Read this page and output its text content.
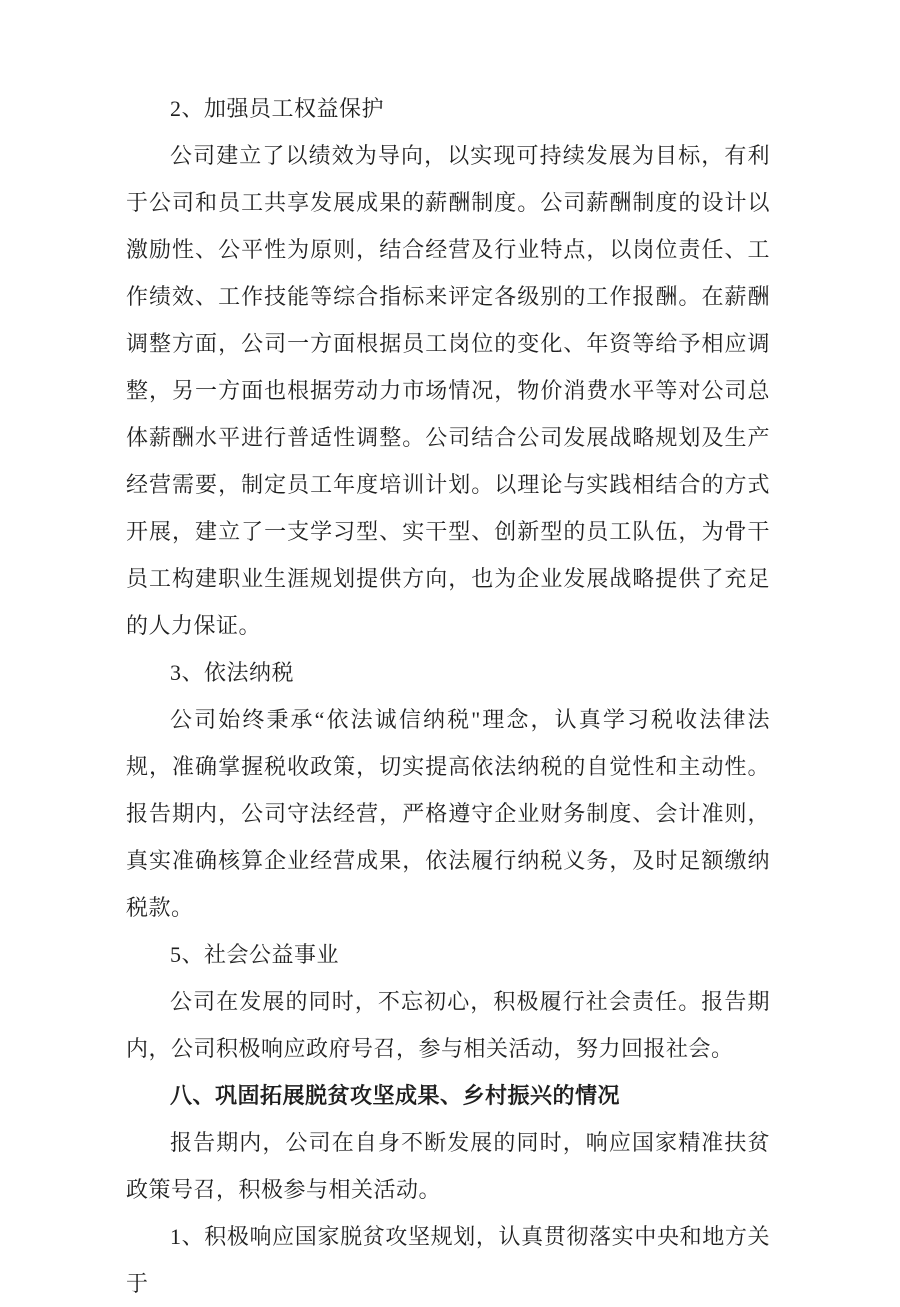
2、加强员工权益保护

公司建立了以绩效为导向，以实现可持续发展为目标，有利于公司和员工共享发展成果的薪酬制度。公司薪酬制度的设计以激励性、公平性为原则，结合经营及行业特点，以岗位责任、工作绩效、工作技能等综合指标来评定各级别的工作报酬。在薪酬调整方面，公司一方面根据员工岗位的变化、年资等给予相应调整，另一方面也根据劳动力市场情况，物价消费水平等对公司总体薪酬水平进行普适性调整。公司结合公司发展战略规划及生产经营需要，制定员工年度培训计划。以理论与实践相结合的方式开展，建立了一支学习型、实干型、创新型的员工队伍，为骨干员工构建职业生涯规划提供方向，也为企业发展战略提供了充足的人力保证。

3、依法纳税

公司始终秉承“依法诚信纳税"理念，认真学习税收法律法规，准确掌握税收政策，切实提高依法纳税的自觉性和主动性。报告期内，公司守法经营，严格遵守企业财务制度、会计准则，真实准确核算企业经营成果，依法履行纳税义务，及时足额缴纳税款。

5、社会公益事业

公司在发展的同时，不忘初心，积极履行社会责任。报告期内，公司积极响应政府号召，参与相关活动，努力回报社会。

八、巩固拓展脱贫攻坚成果、乡村振兴的情况

报告期内，公司在自身不断发展的同时，响应国家精准扶贫政策号召，积极参与相关活动。

1、积极响应国家脱贫攻坚规划，认真贯彻落实中央和地方关于
